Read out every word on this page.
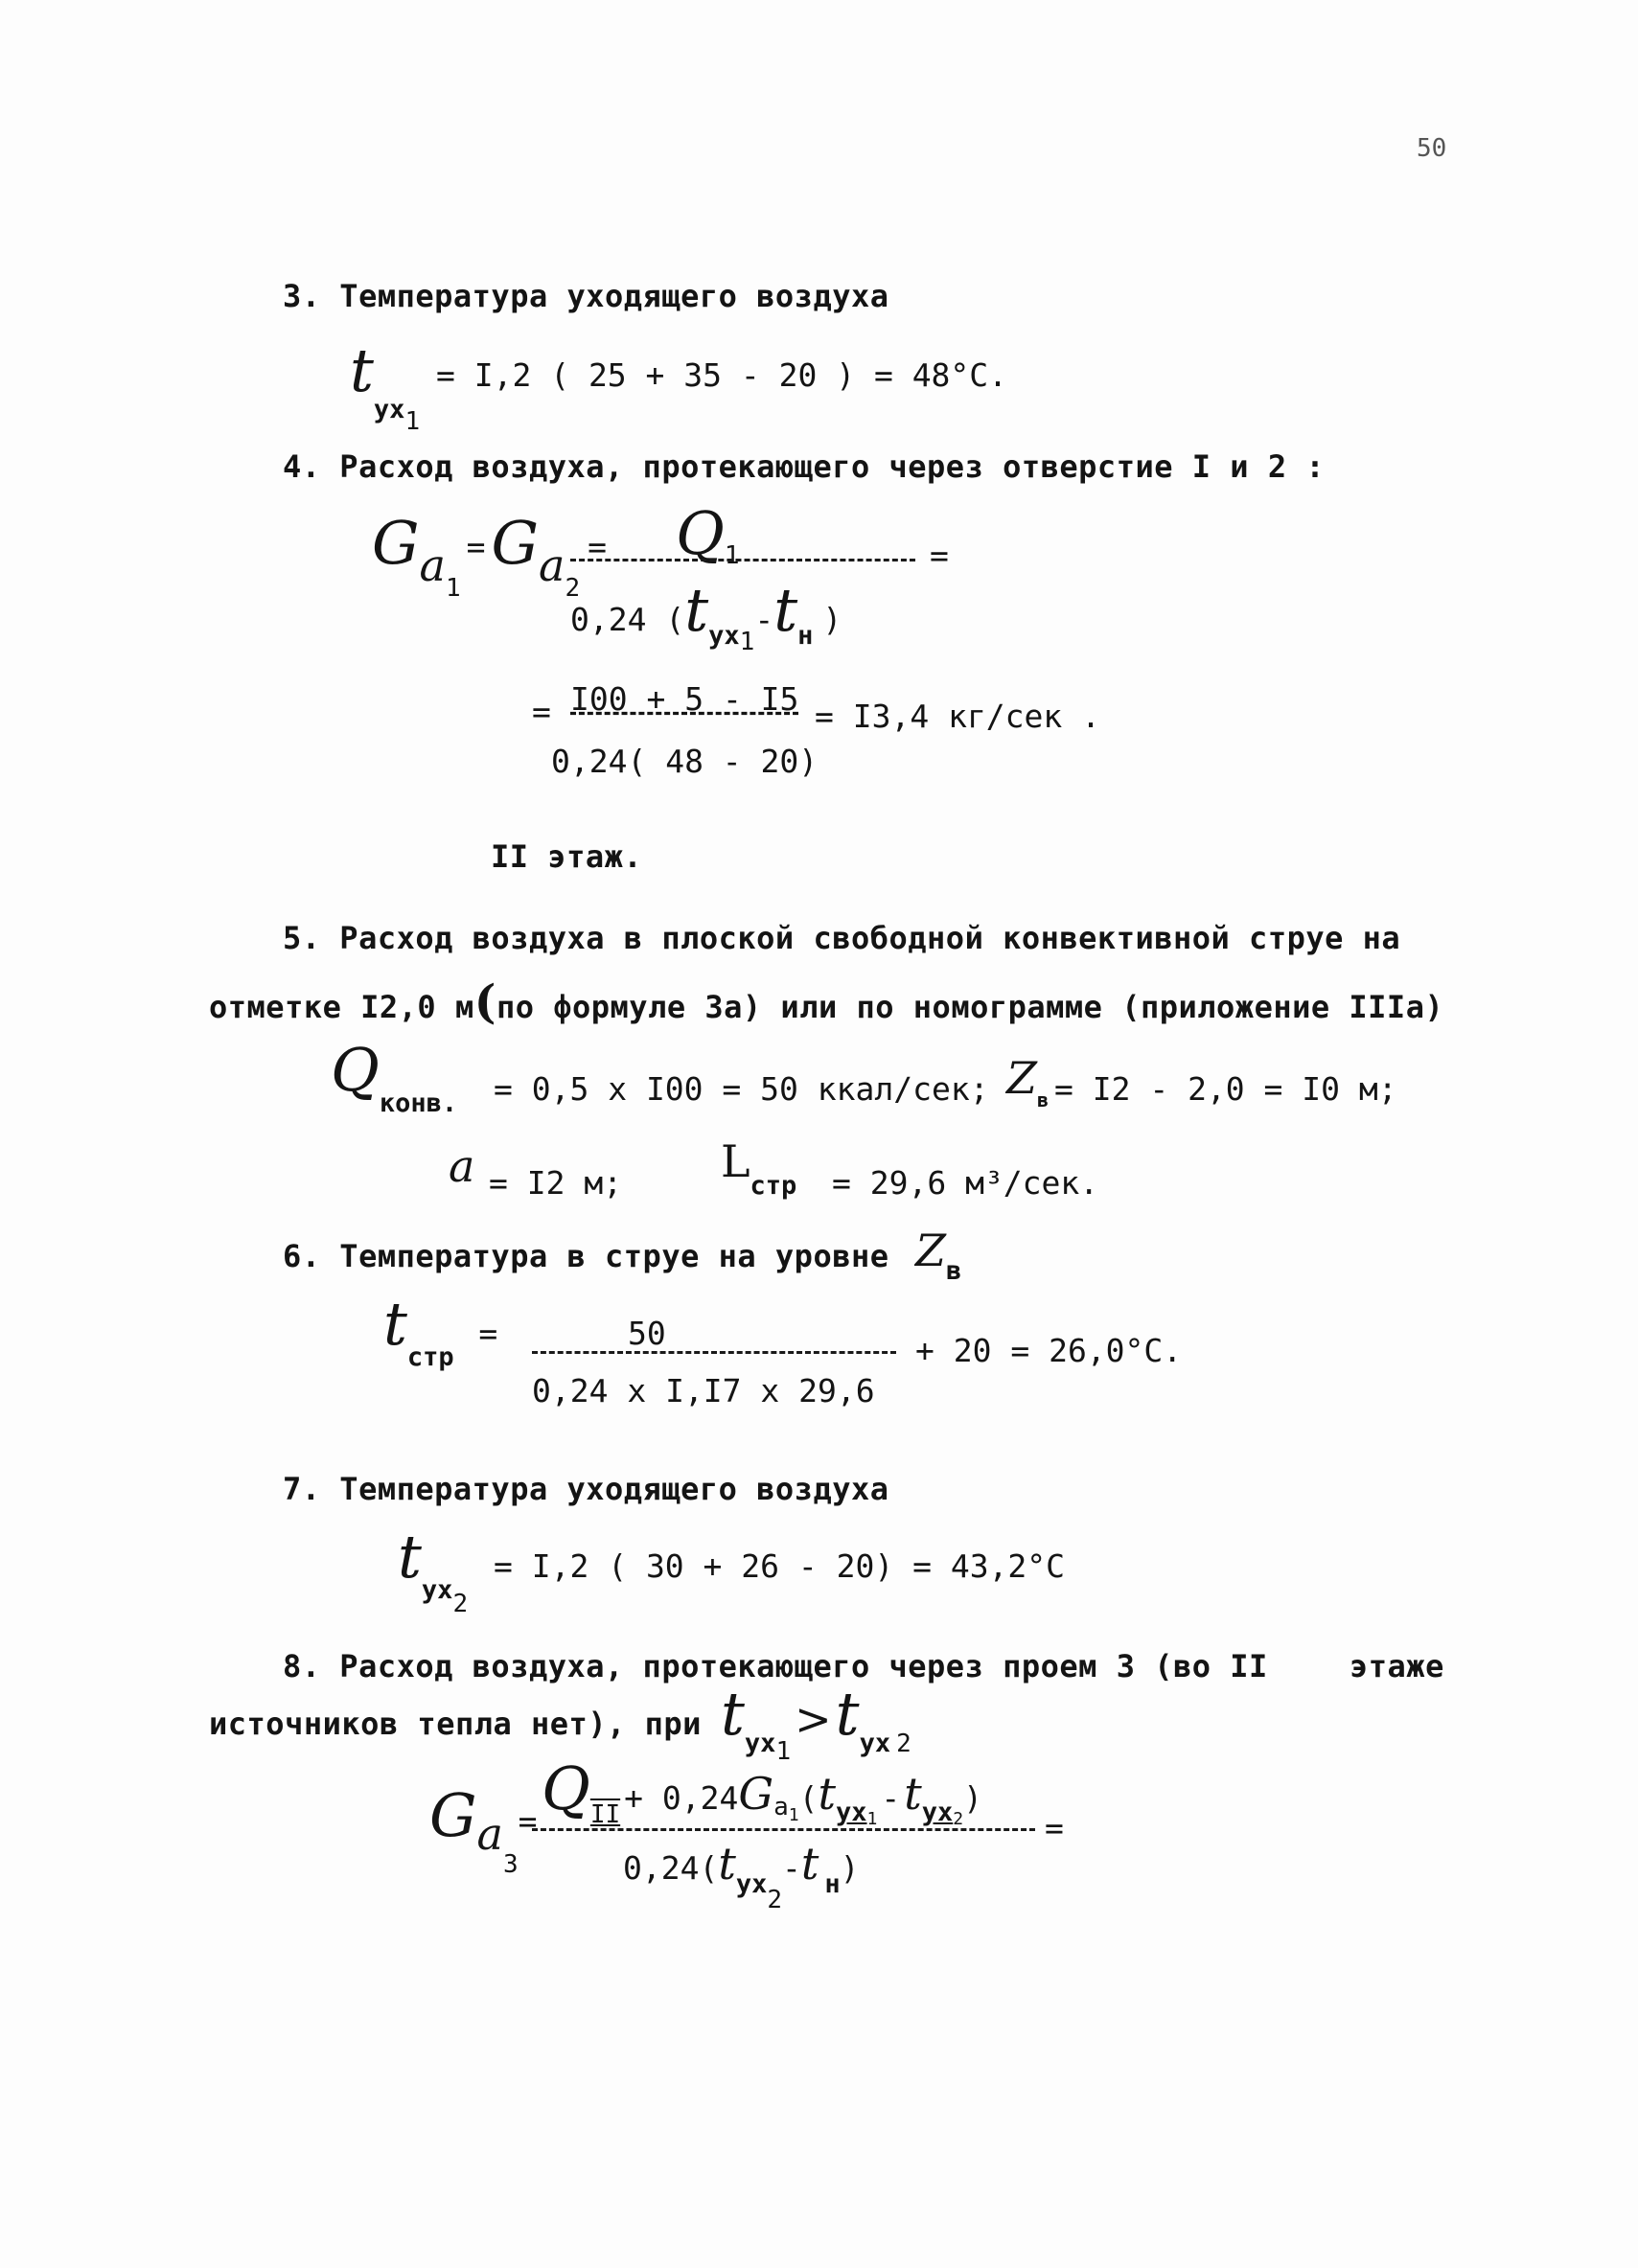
50
3. Температура уходящего воздуха
tух1
= I,2 ( 25 + 35 - 20 ) = 48°С.
4. Расход воздуха, протекающего через отверстие I и 2 :
Ga1=Ga2= Q1	=
0,24 (tух1-tн )
= I00 + 5 - I5 = I3,4 кг/сек .
0,24( 48 - 20)
II этаж.
5. Расход воздуха в плоской свободной конвективной струе на
отметке I2,0 м(по формуле 3а) или по номограмме (приложение IIIа)
Qконв. = 0,5 x I00 = 50 ккал/сек; Zв = I2 - 2,0 = I0 м;
a = I2 м; Lстр = 29,6 м³/сек.
6. Температура в струе на уровне Zв
tстр =	50	+ 20 = 26,0°С.
0,24 x I,I7 x 29,6
7. Температура уходящего воздуха
tух2
= I,2 ( 30 + 26 - 20) = 43,2°С
8. Расход воздуха, протекающего через проем 3 (во II	этаже
источников тепла нет), при tух1>tух 2
Ga3= QII + 0,24Ga1(tух1-tух2)
=
0,24(tух2-t н)
